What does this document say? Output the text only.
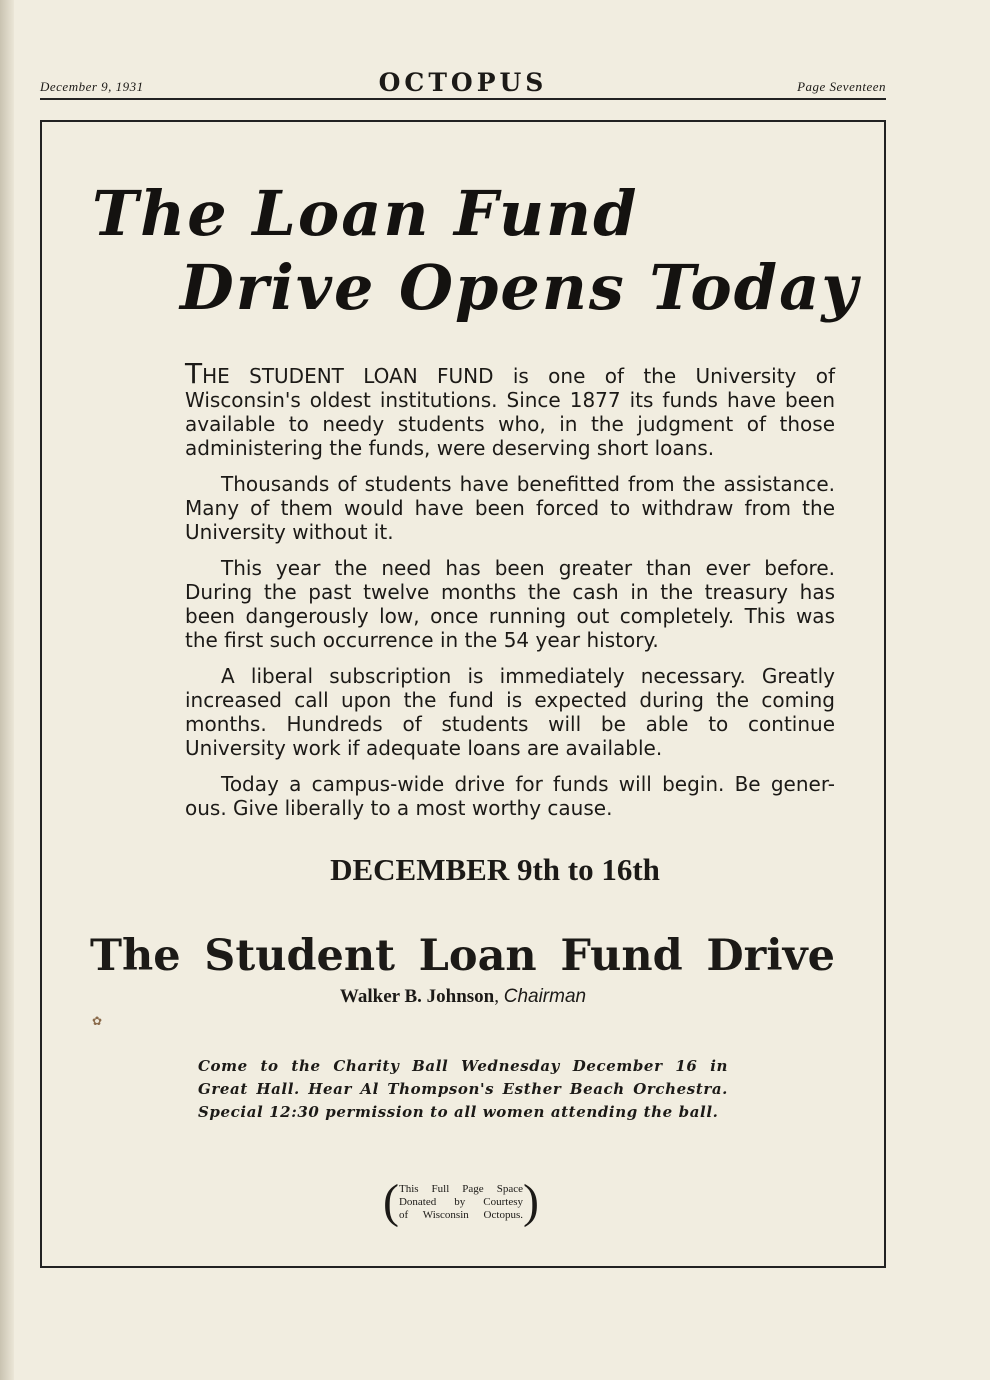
December 9, 1931	OCTOPUS	Page Seventeen
The Loan Fund
Drive Opens Today

THE STUDENT LOAN FUND is one of the University of Wisconsin's oldest institutions. Since 1877 its funds have been available to needy students who, in the judgment of those administering the funds, were deserving short loans.

Thousands of students have benefitted from the assistance. Many of them would have been forced to withdraw from the University without it.

This year the need has been greater than ever before. During the past twelve months the cash in the treasury has been dangerously low, once running out completely. This was the first such occurrence in the 54 year history.

A liberal subscription is immediately necessary. Greatly increased call upon the fund is expected during the coming months. Hundreds of students will be able to continue University work if adequate loans are available.

Today a campus-wide drive for funds will begin. Be gener-ous. Give liberally to a most worthy cause.

DECEMBER 9th to 16th
The Student Loan Fund Drive
Walker B. Johnson, Chairman
✿
Come to the Charity Ball Wednesday December 16 in Great Hall. Hear Al Thompson's Esther Beach Orchestra. Special 12:30 permission to all women attending the ball.
( This Full Page Space
Donated by Courtesy
of Wisconsin Octopus. )
